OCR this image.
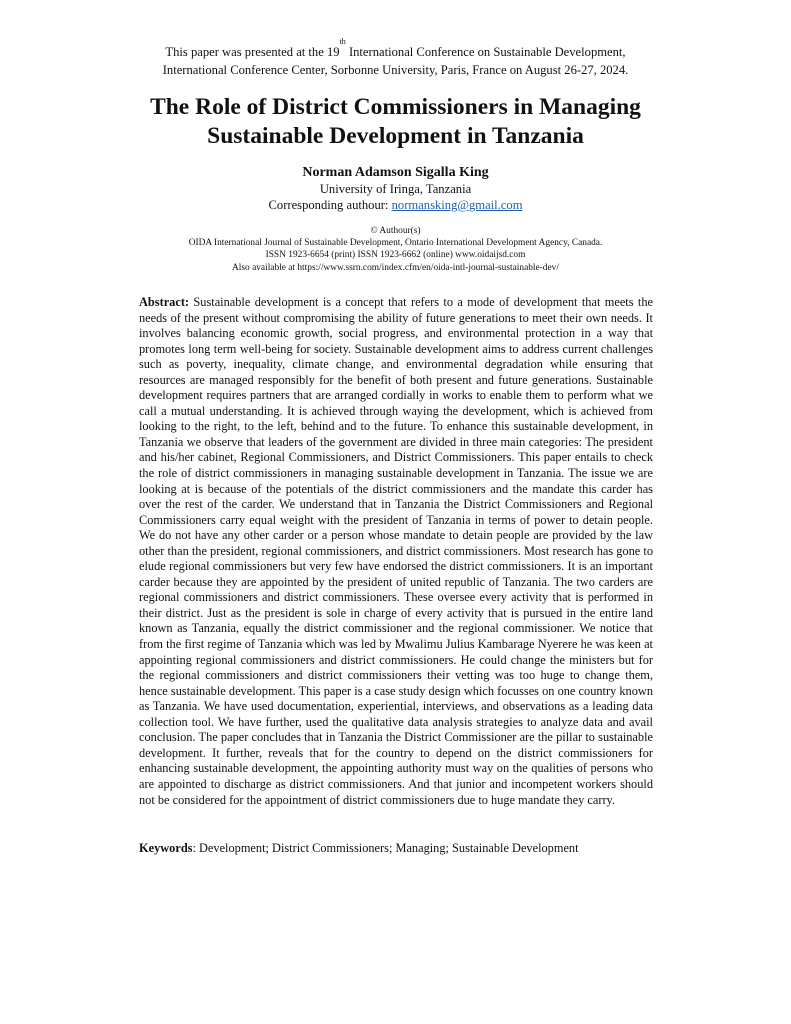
This paper was presented at the 19th International Conference on Sustainable Development,
International Conference Center, Sorbonne University, Paris, France on August 26-27, 2024.
The Role of District Commissioners in Managing
Sustainable Development in Tanzania
Norman Adamson Sigalla King
University of Iringa, Tanzania
Corresponding authour: normansking@gmail.com
© Authour(s)
OIDA International Journal of Sustainable Development, Ontario International Development Agency, Canada.
ISSN 1923-6654 (print) ISSN 1923-6662 (online) www.oidaijsd.com
Also available at https://www.ssrn.com/index.cfm/en/oida-intl-journal-sustainable-dev/
Abstract: Sustainable development is a concept that refers to a mode of development that meets the needs of the present without compromising the ability of future generations to meet their own needs. It involves balancing economic growth, social progress, and environmental protection in a way that promotes long term well-being for society. Sustainable development aims to address current challenges such as poverty, inequality, climate change, and environmental degradation while ensuring that resources are managed responsibly for the benefit of both present and future generations. Sustainable development requires partners that are arranged cordially in works to enable them to perform what we call a mutual understanding. It is achieved through waying the development, which is achieved from looking to the right, to the left, behind and to the future. To enhance this sustainable development, in Tanzania we observe that leaders of the government are divided in three main categories: The president and his/her cabinet, Regional Commissioners, and District Commissioners. This paper entails to check the role of district commissioners in managing sustainable development in Tanzania. The issue we are looking at is because of the potentials of the district commissioners and the mandate this carder has over the rest of the carder. We understand that in Tanzania the District Commissioners and Regional Commissioners carry equal weight with the president of Tanzania in terms of power to detain people. We do not have any other carder or a person whose mandate to detain people are provided by the law other than the president, regional commissioners, and district commissioners. Most research has gone to elude regional commissioners but very few have endorsed the district commissioners. It is an important carder because they are appointed by the president of united republic of Tanzania. The two carders are regional commissioners and district commissioners. These oversee every activity that is performed in their district. Just as the president is sole in charge of every activity that is pursued in the entire land known as Tanzania, equally the district commissioner and the regional commissioner. We notice that from the first regime of Tanzania which was led by Mwalimu Julius Kambarage Nyerere he was keen at appointing regional commissioners and district commissioners. He could change the ministers but for the regional commissioners and district commissioners their vetting was too huge to change them, hence sustainable development. This paper is a case study design which focusses on one country known as Tanzania. We have used documentation, experiential, interviews, and observations as a leading data collection tool. We have further, used the qualitative data analysis strategies to analyze data and avail conclusion. The paper concludes that in Tanzania the District Commissioner are the pillar to sustainable development. It further, reveals that for the country to depend on the district commissioners for enhancing sustainable development, the appointing authority must way on the qualities of persons who are appointed to discharge as district commissioners. And that junior and incompetent workers should not be considered for the appointment of district commissioners due to huge mandate they carry.
Keywords: Development; District Commissioners; Managing; Sustainable Development
